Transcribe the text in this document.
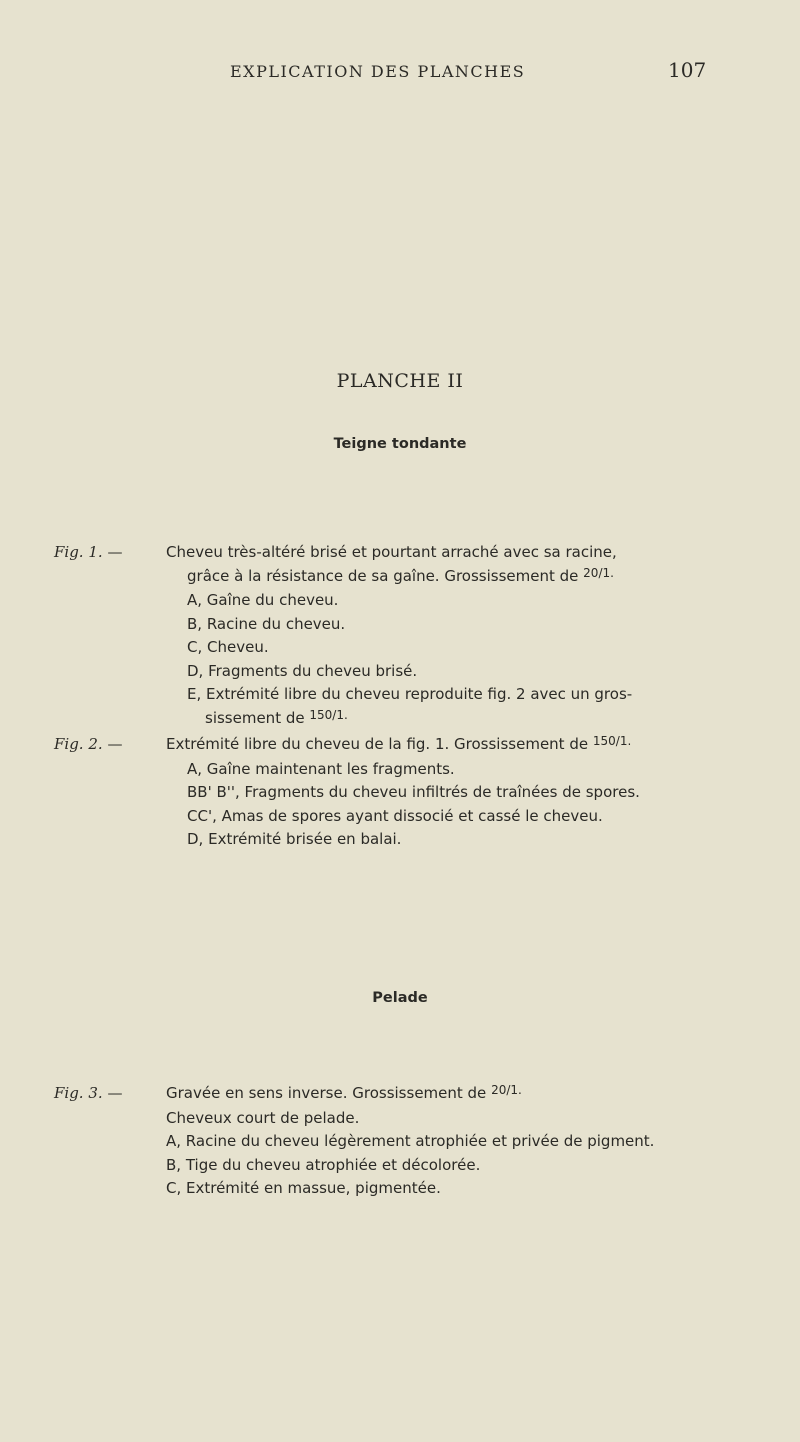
EXPLICATION DES PLANCHES	107
PLANCHE II
Teigne tondante
Fig. 1. —	Cheveu très-altéré brisé et pourtant arraché avec sa racine,
grâce à la résistance de sa gaîne. Grossissement de $^{20/1.}$
A, Gaîne du cheveu.
B, Racine du cheveu.
C, Cheveu.
D, Fragments du cheveu brisé.
E, Extrémité libre du cheveu reproduite fig. 2 avec un gros-
sissement de $^{150/1.}$
Fig. 2. —	Extrémité libre du cheveu de la fig. 1. Grossissement de $^{150/1.}$
A, Gaîne maintenant les fragments.
BB' B'', Fragments du cheveu infiltrés de traînées de spores.
CC', Amas de spores ayant dissocié et cassé le cheveu.
D, Extrémité brisée en balai.
Pelade
Fig. 3. —	Gravée en sens inverse. Grossissement de $^{20/1.}$
Cheveux court de pelade.
A, Racine du cheveu légèrement atrophiée et privée de pigment.
B, Tige du cheveu atrophiée et décolorée.
C, Extrémité en massue, pigmentée.
